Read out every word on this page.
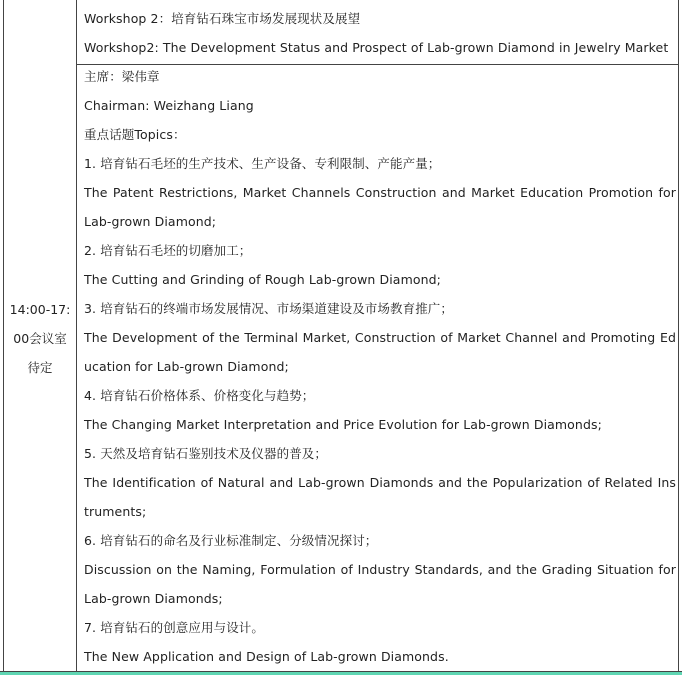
14:00-17:
00会议室
待定
Workshop 2：培育钻石珠宝市场发展现状及展望
Workshop2: The Development Status and Prospect of Lab-grown Diamond in Jewelry Market
主席：梁伟章
Chairman: Weizhang Liang
重点话题Topics：
1. 培育钻石毛坯的生产技术、生产设备、专利限制、产能产量；
The Patent Restrictions, Market Channels Construction and Market Education Promotion for
Lab-grown Diamond;
2. 培育钻石毛坯的切磨加工；
The Cutting and Grinding of Rough Lab-grown Diamond;
3. 培育钻石的终端市场发展情况、市场渠道建设及市场教育推广；
The Development of the Terminal Market, Construction of Market Channel and Promoting Ed
ucation for Lab-grown Diamond;
4. 培育钻石价格体系、价格变化与趋势；
The Changing Market Interpretation and Price Evolution for Lab-grown Diamonds;
5. 天然及培育钻石鉴别技术及仪器的普及；
The Identification of Natural and Lab-grown Diamonds and the Popularization of Related Ins
truments;
6. 培育钻石的命名及行业标准制定、分级情况探讨；
Discussion on the Naming, Formulation of Industry Standards, and the Grading Situation for
Lab-grown Diamonds;
7. 培育钻石的创意应用与设计。
The New Application and Design of Lab-grown Diamonds.
